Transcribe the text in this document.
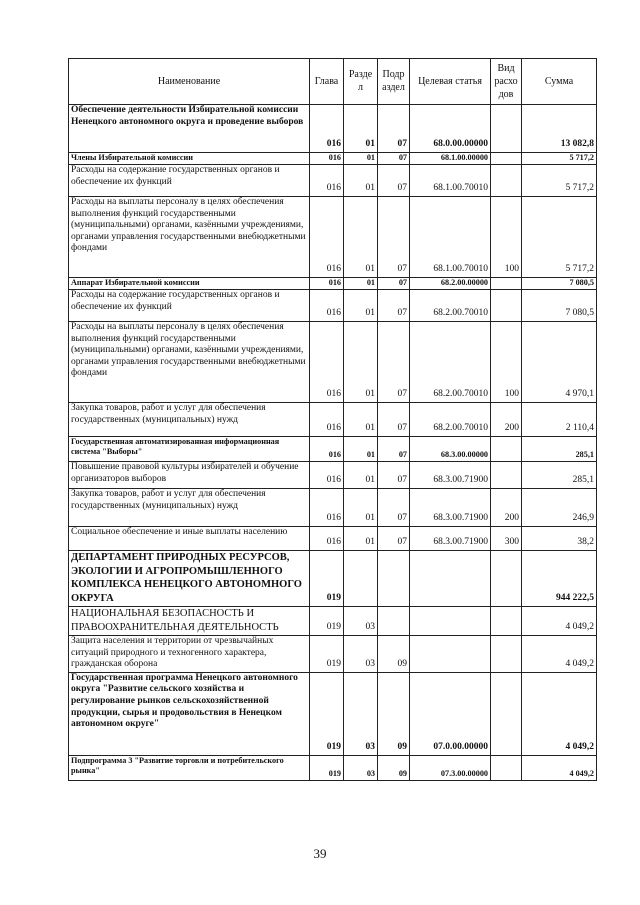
Наименование	Глава	Разде л	Подр аздел	Целевая статья	Вид расхо дов	Сумма
Обеспечение деятельности Избирательной комиссии Ненецкого автономного округа и проведение выборов	016	01	07	68.0.00.00000		13 082,8
Члены Избирательной комиссии	016	01	07	68.1.00.00000		5 717,2
Расходы на содержание государственных органов и обеспечение их функций	016	01	07	68.1.00.70010		5 717,2
Расходы на выплаты персоналу в целях обеспечения выполнения функций государственными (муниципальными) органами, казёнными учреждениями, органами управления государственными внебюджетными фондами	016	01	07	68.1.00.70010	100	5 717,2
Аппарат Избирательной комиссии	016	01	07	68.2.00.00000		7 080,5
Расходы на содержание государственных органов и обеспечение их функций	016	01	07	68.2.00.70010		7 080,5
Расходы на выплаты персоналу в целях обеспечения выполнения функций государственными (муниципальными) органами, казёнными учреждениями, органами управления государственными внебюджетными фондами	016	01	07	68.2.00.70010	100	4 970,1
Закупка товаров, работ и услуг для обеспечения государственных (муниципальных) нужд	016	01	07	68.2.00.70010	200	2 110,4
Государственная автоматизированная информационная система "Выборы"	016	01	07	68.3.00.00000		285,1
Повышение правовой культуры избирателей и обучение организаторов выборов	016	01	07	68.3.00.71900		285,1
Закупка товаров, работ и услуг для обеспечения государственных (муниципальных) нужд	016	01	07	68.3.00.71900	200	246,9
Социальное обеспечение и иные выплаты населению	016	01	07	68.3.00.71900	300	38,2
ДЕПАРТАМЕНТ ПРИРОДНЫХ РЕСУРСОВ, ЭКОЛОГИИ И АГРОПРОМЫШЛЕННОГО КОМПЛЕКСА НЕНЕЦКОГО АВТОНОМНОГО ОКРУГА	019					944 222,5
НАЦИОНАЛЬНАЯ БЕЗОПАСНОСТЬ И ПРАВООХРАНИТЕЛЬНАЯ ДЕЯТЕЛЬНОСТЬ	019	03				4 049,2
Защита населения и территории от чрезвычайных ситуаций природного и техногенного характера, гражданская оборона	019	03	09			4 049,2
Государственная программа Ненецкого автономного округа "Развитие сельского хозяйства и регулирование рынков сельскохозяйственной продукции, сырья и продовольствия в Ненецком автономном округе"	019	03	09	07.0.00.00000		4 049,2
Подпрограмма 3 "Развитие торговли и потребительского рынка"	019	03	09	07.3.00.00000		4 049,2
39
